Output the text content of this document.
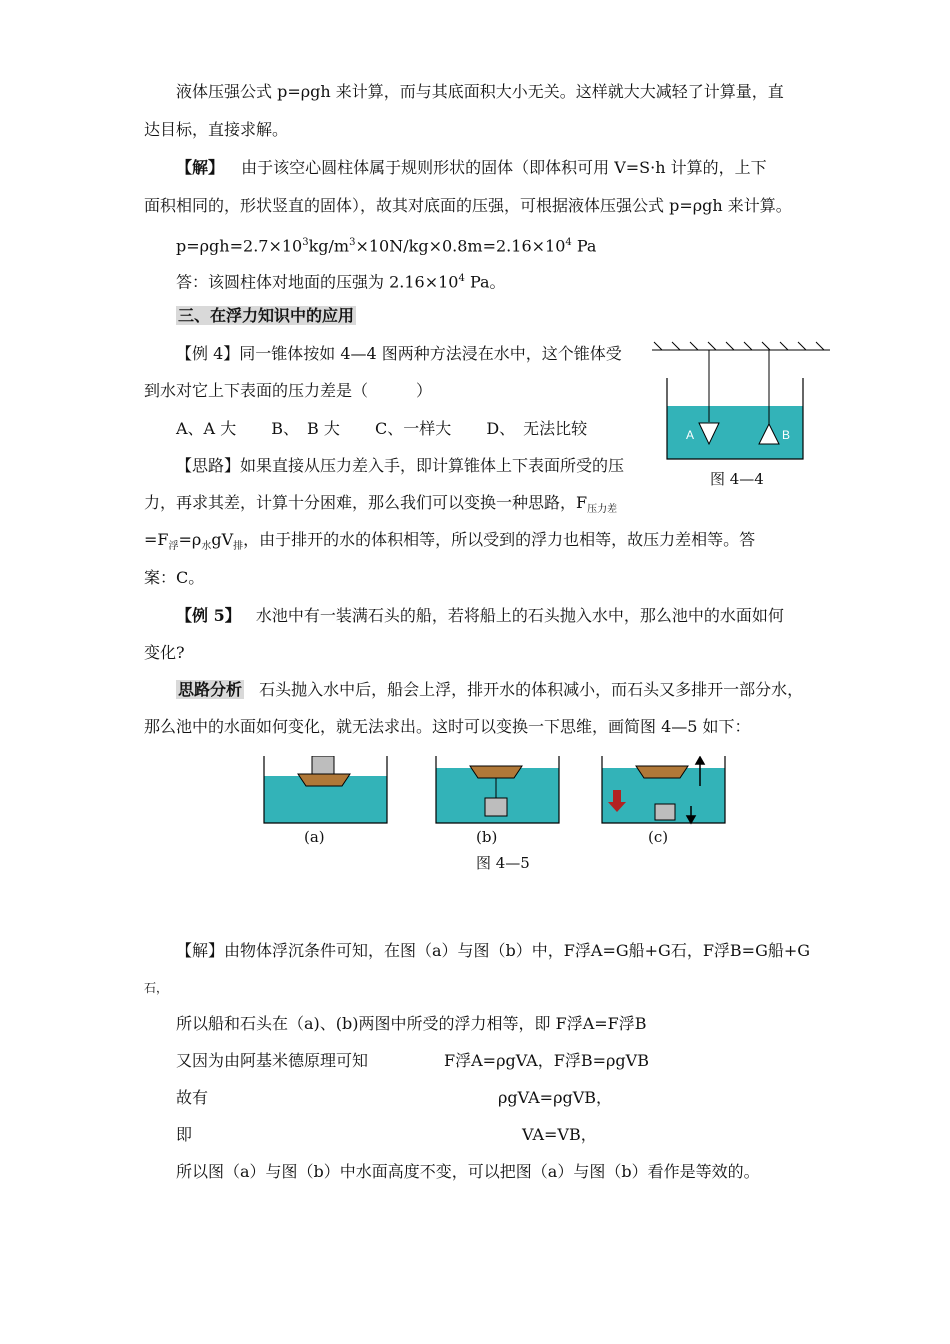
液体压强公式 p=ρgh 来计算，而与其底面积大小无关。这样就大大减轻了计算量，直
达目标，直接求解。
【解】 由于该空心圆柱体属于规则形状的固体（即体积可用 V=S·h 计算的，上下
面积相同的，形状竖直的固体），故其对底面的压强，可根据液体压强公式 p=ρgh 来计算。
$p=\rho gh=2.7\times 10^3kg/m^3\times 10N/kg\times 0.8m=2.16\times 10^4$ Pa
答：该圆柱体对地面的压强为 $2.16\times 10^4$ Pa。
三、在浮力知识中的应用
【例 4】同一锥体按如 4—4 图两种方法浸在水中，这个锥体受
到水对它上下表面的压力差是（　　　）
A、A 大 B、　B 大 C、一样大 D、　无法比较
【思路】如果直接从压力差入手，即计算锥体上下表面所受的压
力，再求其差，计算十分困难，那么我们可以变换一种思路，$F_{压力差}$
$=F_浮=\rho_水gV_排$，由于排开的水的体积相等，所以受到的浮力也相等，故压力差相等。答
案：C。
A	B
图 4—4
【例 5】 水池中有一装满石头的船，若将船上的石头抛入水中，那么池中的水面如何
变化?
思路分析 石头抛入水中后，船会上浮，排开水的体积减小，而石头又多排开一部分水，
那么池中的水面如何变化，就无法求出。这时可以变换一下思维，画简图 4—5 如下：
(a)	(b)	(c)
图 4—5
【解】由物体浮沉条件可知，在图（a）与图（b）中，F浮A=G船+G石，F浮B=G船+G
石，
所以船和石头在（a)、(b)两图中所受的浮力相等，即 F浮A=F浮B
又因为由阿基米德原理可知	F浮A=ρgVA，F浮B=ρgVB
故有	ρgVA=ρgVB，
即	VA=VB，
所以图（a）与图（b）中水面高度不变，可以把图（a）与图（b）看作是等效的。
